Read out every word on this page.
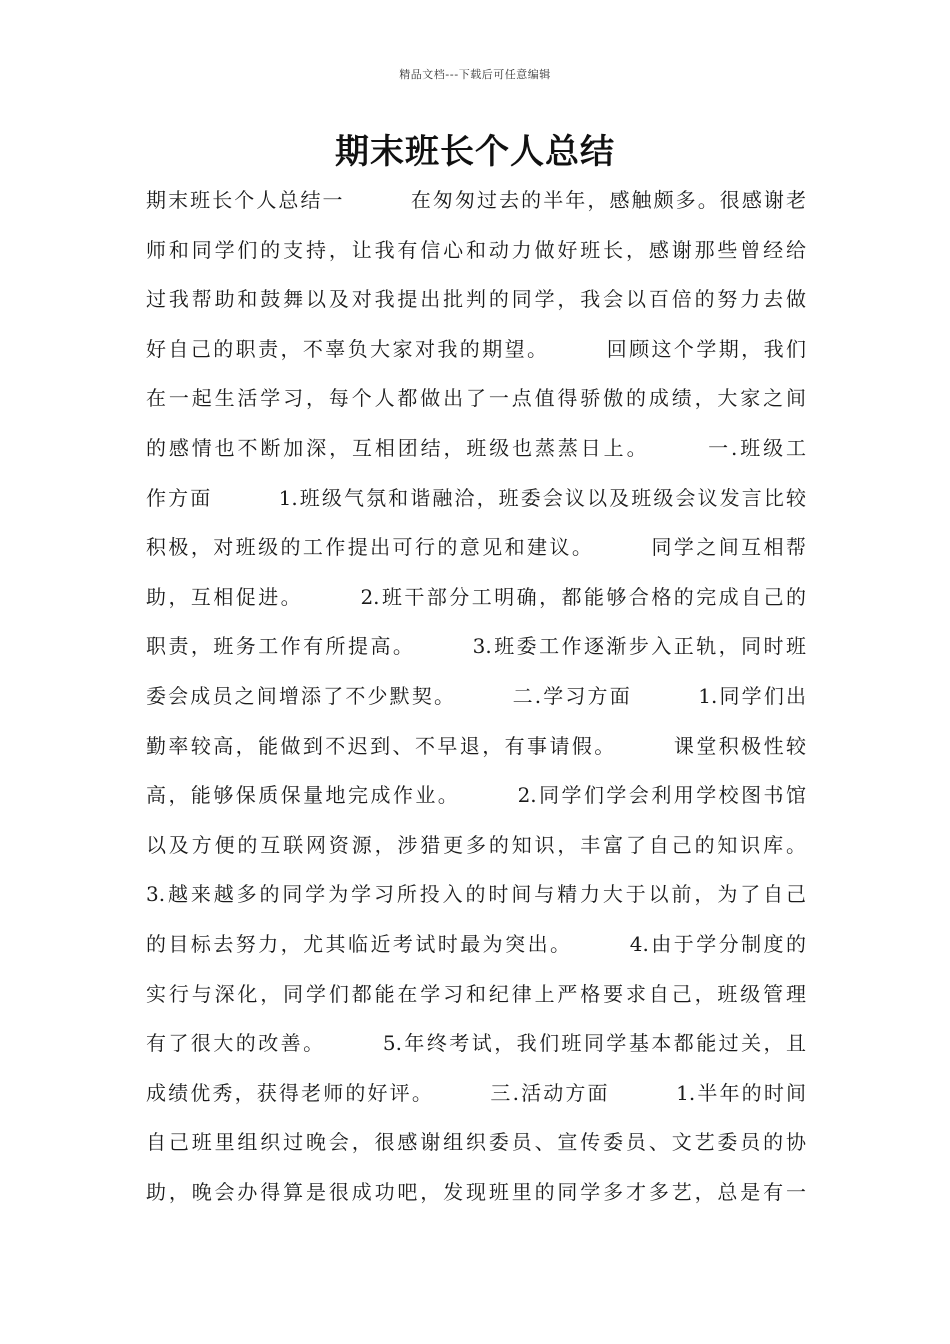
精品文档---下载后可任意编辑
期末班长个人总结
期末班长个人总结一　　　在匆匆过去的半年，感触颇多。很感谢老
师和同学们的支持，让我有信心和动力做好班长，感谢那些曾经给
过我帮助和鼓舞以及对我提出批判的同学，我会以百倍的努力去做
好自己的职责，不辜负大家对我的期望。　　　回顾这个学期，我们
在一起生活学习，每个人都做出了一点值得骄傲的成绩，大家之间
的感情也不断加深，互相团结，班级也蒸蒸日上。　　　一.班级工
作方面　　　1.班级气氛和谐融洽，班委会议以及班级会议发言比较
积极，对班级的工作提出可行的意见和建议。　　　同学之间互相帮
助，互相促进。　　　2.班干部分工明确，都能够合格的完成自己的
职责，班务工作有所提高。　　　3.班委工作逐渐步入正轨，同时班
委会成员之间增添了不少默契。　　　二.学习方面　　　1.同学们出
勤率较高，能做到不迟到、不早退，有事请假。　　　课堂积极性较
高，能够保质保量地完成作业。　　　2.同学们学会利用学校图书馆
以及方便的互联网资源，涉猎更多的知识，丰富了自己的知识库。
3.越来越多的同学为学习所投入的时间与精力大于以前，为了自己
的目标去努力，尤其临近考试时最为突出。　　　4.由于学分制度的
实行与深化，同学们都能在学习和纪律上严格要求自己，班级管理
有了很大的改善。　　　5.年终考试，我们班同学基本都能过关，且
成绩优秀，获得老师的好评。　　　三.活动方面　　　1.半年的时间
自己班里组织过晚会，很感谢组织委员、宣传委员、文艺委员的协
助，晚会办得算是很成功吧，发现班里的同学多才多艺，总是有一
